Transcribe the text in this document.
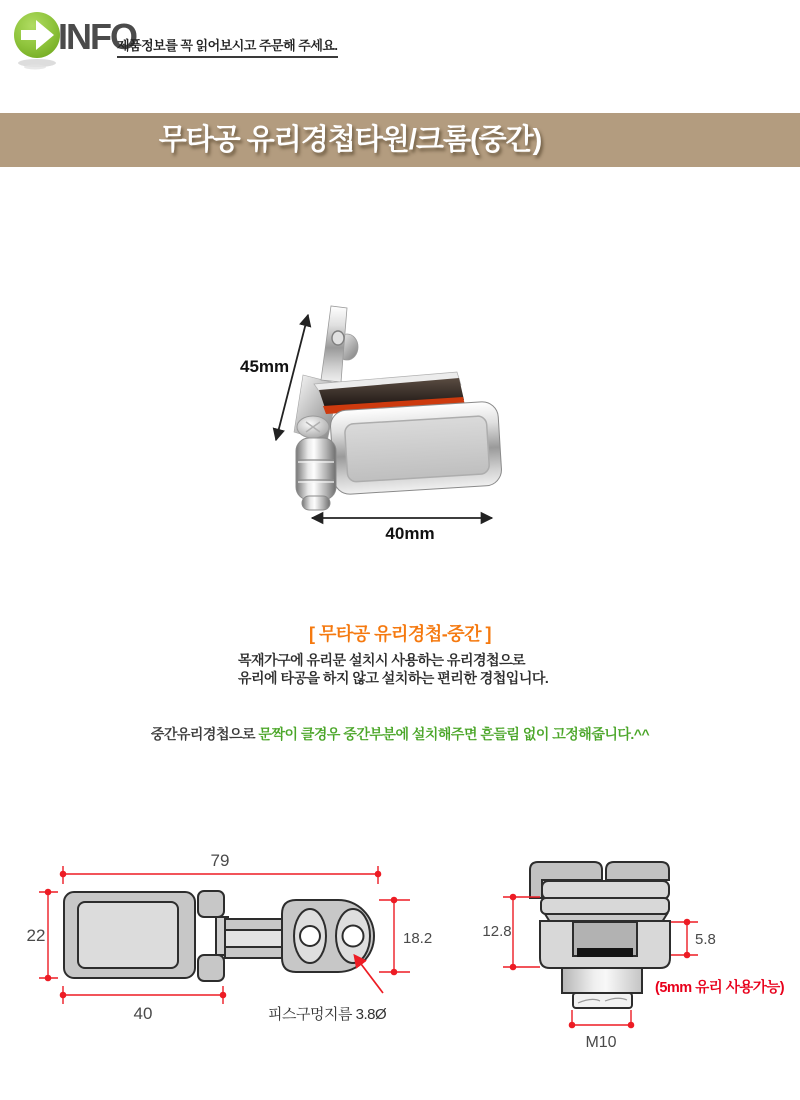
INFO
제품정보를 꼭 읽어보시고 주문해 주세요.
무타공 유리경첩타원/크롬(중간)
45mm
40mm
[ 무타공 유리경첩-중간 ]
목재가구에 유리문 설치시 사용하는 유리경첩으로
유리에 타공을 하지 않고 설치하는 편리한 경첩입니다.
중간유리경첩으로 문짝이 클경우 중간부분에 설치해주면 흔들림 없이 고정해줍니다.^^
79
22
40
18.2
피스구멍지름 3.8Ø
12.8	5.8
M10
(5mm 유리 사용가능)
